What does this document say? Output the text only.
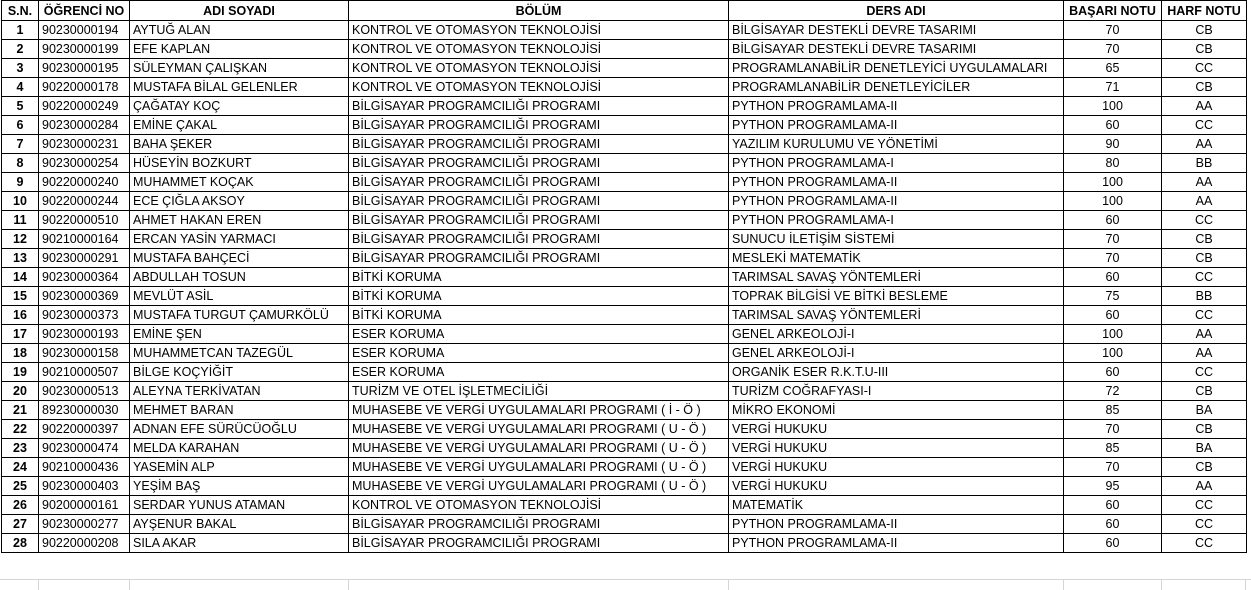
S.N.	ÖĞRENCİ NO	ADI SOYADI	BÖLÜM	DERS ADI	BAŞARI NOTU	HARF NOTU
1	90230000194	AYTUĞ ALAN	KONTROL VE OTOMASYON TEKNOLOJİSİ	BİLGİSAYAR DESTEKLİ DEVRE TASARIMI	70	CB
2	90230000199	EFE KAPLAN	KONTROL VE OTOMASYON TEKNOLOJİSİ	BİLGİSAYAR DESTEKLİ DEVRE TASARIMI	70	CB
3	90230000195	SÜLEYMAN ÇALIŞKAN	KONTROL VE OTOMASYON TEKNOLOJİSİ	PROGRAMLANABİLİR DENETLEYİCİ UYGULAMALARI	65	CC
4	90220000178	MUSTAFA BİLAL GELENLER	KONTROL VE OTOMASYON TEKNOLOJİSİ	PROGRAMLANABİLİR DENETLEYİCİLER	71	CB
5	90220000249	ÇAĞATAY KOÇ	BİLGİSAYAR PROGRAMCILIĞI PROGRAMI	PYTHON PROGRAMLAMA-II	100	AA
6	90230000284	EMİNE ÇAKAL	BİLGİSAYAR PROGRAMCILIĞI PROGRAMI	PYTHON PROGRAMLAMA-II	60	CC
7	90230000231	BAHA ŞEKER	BİLGİSAYAR PROGRAMCILIĞI PROGRAMI	YAZILIM KURULUMU VE YÖNETİMİ	90	AA
8	90230000254	HÜSEYİN BOZKURT	BİLGİSAYAR PROGRAMCILIĞI PROGRAMI	PYTHON PROGRAMLAMA-I	80	BB
9	90220000240	MUHAMMET KOÇAK	BİLGİSAYAR PROGRAMCILIĞI PROGRAMI	PYTHON PROGRAMLAMA-II	100	AA
10	90220000244	ECE ÇIĞLA AKSOY	BİLGİSAYAR PROGRAMCILIĞI PROGRAMI	PYTHON PROGRAMLAMA-II	100	AA
11	90220000510	AHMET HAKAN EREN	BİLGİSAYAR PROGRAMCILIĞI PROGRAMI	PYTHON PROGRAMLAMA-I	60	CC
12	90210000164	ERCAN YASİN YARMACI	BİLGİSAYAR PROGRAMCILIĞI PROGRAMI	SUNUCU İLETİŞİM SİSTEMİ	70	CB
13	90230000291	MUSTAFA BAHÇECİ	BİLGİSAYAR PROGRAMCILIĞI PROGRAMI	MESLEKİ MATEMATİK	70	CB
14	90230000364	ABDULLAH TOSUN	BİTKİ KORUMA	TARIMSAL SAVAŞ YÖNTEMLERİ	60	CC
15	90230000369	MEVLÜT ASİL	BİTKİ KORUMA	TOPRAK BİLGİSİ VE BİTKİ BESLEME	75	BB
16	90230000373	MUSTAFA TURGUT ÇAMURKÖLÜ	BİTKİ KORUMA	TARIMSAL SAVAŞ YÖNTEMLERİ	60	CC
17	90230000193	EMİNE ŞEN	ESER KORUMA	GENEL ARKEOLOJİ-I	100	AA
18	90230000158	MUHAMMETCAN TAZEGÜL	ESER KORUMA	GENEL ARKEOLOJİ-I	100	AA
19	90210000507	BİLGE KOÇYİĞİT	ESER KORUMA	ORGANİK ESER R.K.T.U-III	60	CC
20	90230000513	ALEYNA TERKİVATAN	TURİZM VE OTEL İŞLETMECİLİĞİ	TURİZM COĞRAFYASI-I	72	CB
21	89230000030	MEHMET BARAN	MUHASEBE VE VERGİ UYGULAMALARI PROGRAMI ( İ - Ö )	MİKRO EKONOMİ	85	BA
22	90220000397	ADNAN EFE SÜRÜCÜOĞLU	MUHASEBE VE VERGİ UYGULAMALARI PROGRAMI ( U - Ö )	VERGİ HUKUKU	70	CB
23	90230000474	MELDA KARAHAN	MUHASEBE VE VERGİ UYGULAMALARI PROGRAMI ( U - Ö )	VERGİ HUKUKU	85	BA
24	90210000436	YASEMİN ALP	MUHASEBE VE VERGİ UYGULAMALARI PROGRAMI ( U - Ö )	VERGİ HUKUKU	70	CB
25	90230000403	YEŞİM BAŞ	MUHASEBE VE VERGİ UYGULAMALARI PROGRAMI ( U - Ö )	VERGİ HUKUKU	95	AA
26	90200000161	SERDAR YUNUS ATAMAN	KONTROL VE OTOMASYON TEKNOLOJİSİ	MATEMATİK	60	CC
27	90230000277	AYŞENUR BAKAL	BİLGİSAYAR PROGRAMCILIĞI PROGRAMI	PYTHON PROGRAMLAMA-II	60	CC
28	90220000208	SILA AKAR	BİLGİSAYAR PROGRAMCILIĞI PROGRAMI	PYTHON PROGRAMLAMA-II	60	CC
